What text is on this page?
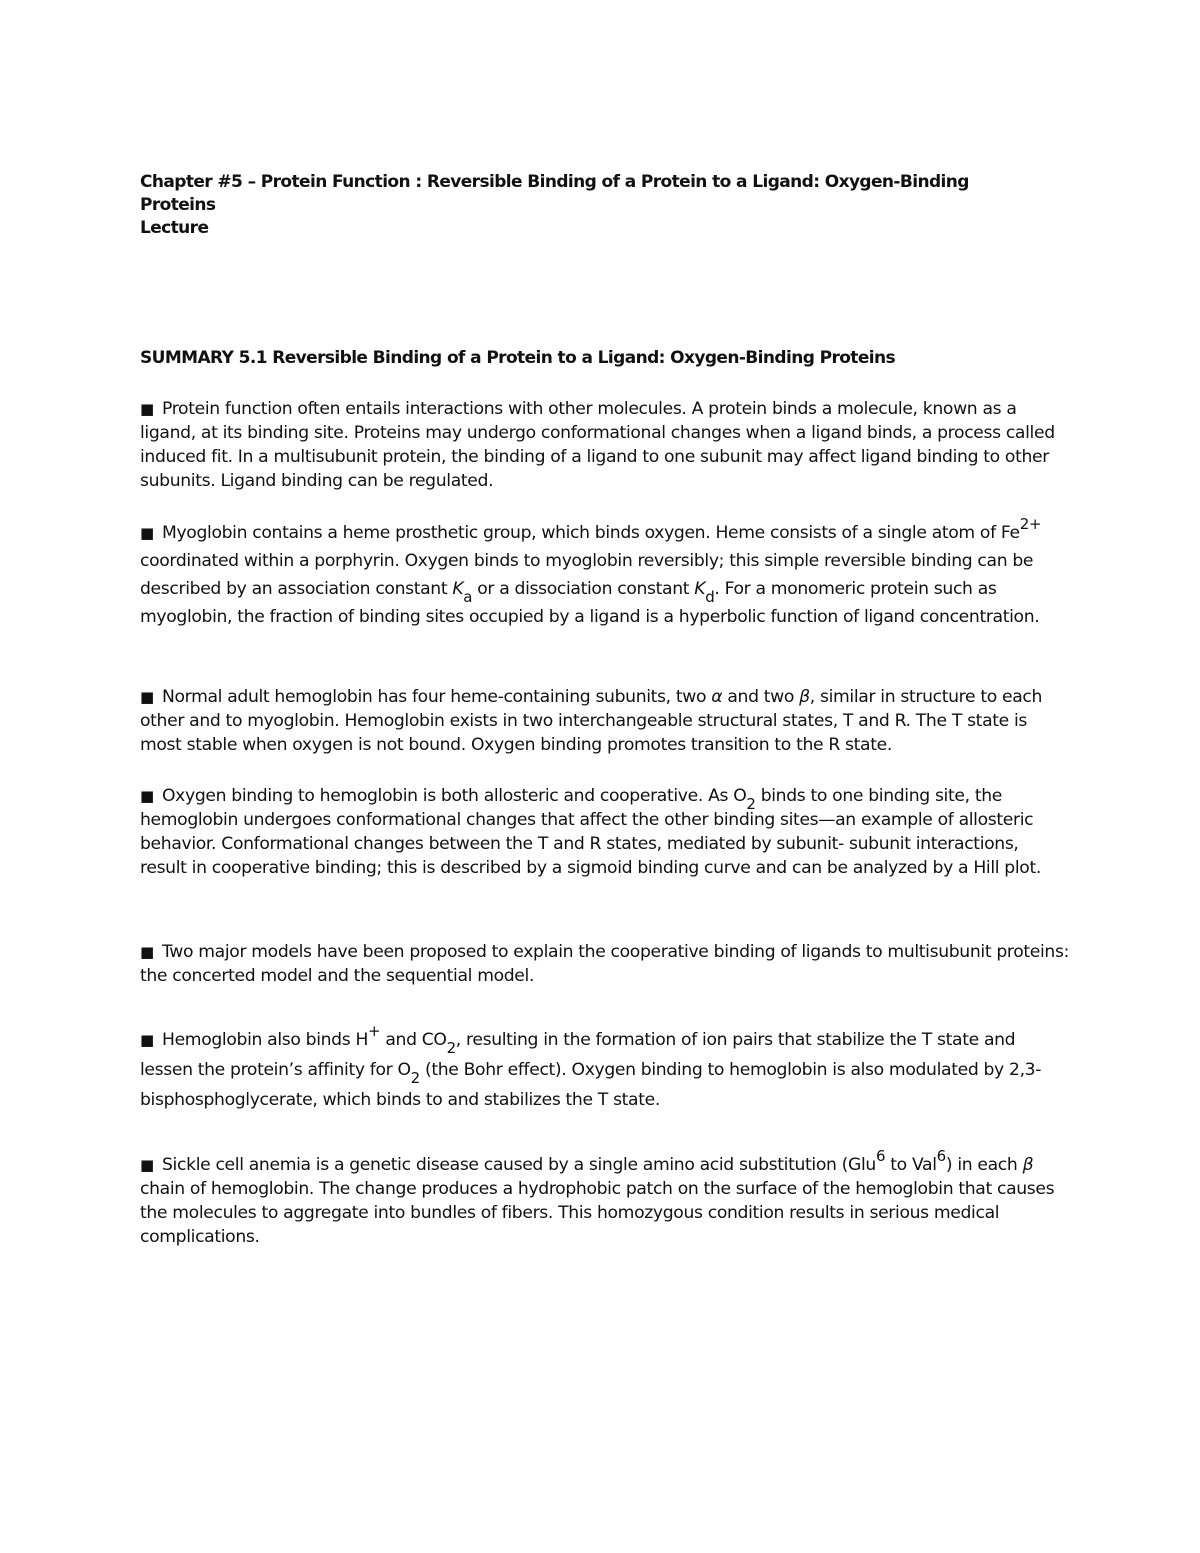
Chapter #5 – Protein Function : Reversible Binding of a Protein to a Ligand: Oxygen-Binding Proteins
Lecture

SUMMARY 5.1 Reversible Binding of a Protein to a Ligand: Oxygen-Binding Proteins

■ Protein function often entails interactions with other molecules. A protein binds a molecule, known as a ligand, at its binding site. Proteins may undergo conformational changes when a ligand binds, a process called induced fit. In a multisubunit protein, the binding of a ligand to one subunit may affect ligand binding to other subunits. Ligand binding can be regulated.

■ Myoglobin contains a heme prosthetic group, which binds oxygen. Heme consists of a single atom of $Fe^{2+}$ coordinated within a porphyrin. Oxygen binds to myoglobin reversibly; this simple reversible binding can be described by an association constant $K_a$ or a dissociation constant $K_d$. For a monomeric protein such as myoglobin, the fraction of binding sites occupied by a ligand is a hyperbolic function of ligand concentration.

■ Normal adult hemoglobin has four heme-containing subunits, two α and two β, similar in structure to each other and to myoglobin. Hemoglobin exists in two interchangeable structural states, T and R. The T state is most stable when oxygen is not bound. Oxygen binding promotes transition to the R state.

■ Oxygen binding to hemoglobin is both allosteric and cooperative. As $O_2$ binds to one binding site, the hemoglobin undergoes conformational changes that affect the other binding sites—an example of allosteric behavior. Conformational changes between the T and R states, mediated by subunit- subunit interactions, result in cooperative binding; this is described by a sigmoid binding curve and can be analyzed by a Hill plot.

■ Two major models have been proposed to explain the cooperative binding of ligands to multisubunit proteins: the concerted model and the sequential model.

■ Hemoglobin also binds H+ and $CO_2$, resulting in the formation of ion pairs that stabilize the T state and lessen the protein’s affinity for $O_2$ (the Bohr effect). Oxygen binding to hemoglobin is also modulated by 2,3- bisphosphoglycerate, which binds to and stabilizes the T state.

■ Sickle cell anemia is a genetic disease caused by a single amino acid substitution (Glu$^6$ to Val$^6$) in each β chain of hemoglobin. The change produces a hydrophobic patch on the surface of the hemoglobin that causes the molecules to aggregate into bundles of fibers. This homozygous condition results in serious medical complications.
